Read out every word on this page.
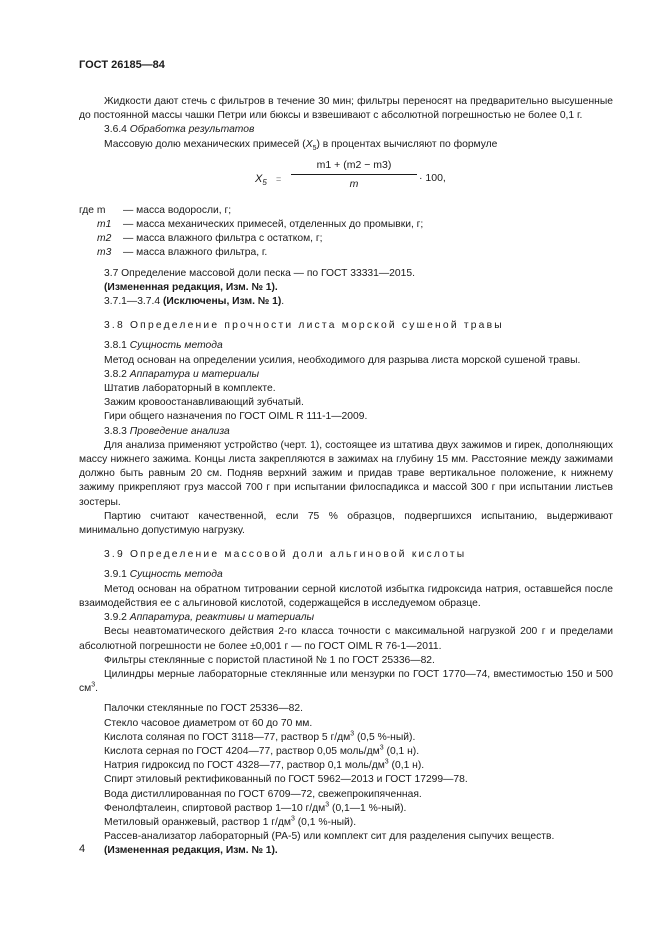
ГОСТ 26185—84

Жидкости дают стечь с фильтров в течение 30 мин; фильтры переносят на предварительно высушенные до постоянной массы чашки Петри или бюксы и взвешивают с абсолютной погрешностью не более 0,1 г.

3.6.4 Обработка результатов

Массовую долю механических примесей $(X_5)$ в процентах вычисляют по формуле

$X_5 = \frac{m1 + (m2 - m3)}{m} \cdot 100$,
где m	— масса водоросли, г;
m1	— масса механических примесей, отделенных до промывки, г;
m2	— масса влажного фильтра с остатком, г;
m3	— масса влажного фильтра, г.

3.7 Определение массовой доли песка — по ГОСТ 33331—2015.

(Измененная редакция, Изм. № 1).

3.7.1—3.7.4 (Исключены, Изм. № 1).

3.8 Определение прочности листа морской сушеной травы

3.8.1 Сущность метода

Метод основан на определении усилия, необходимого для разрыва листа морской сушеной травы.

3.8.2 Аппаратура и материалы

Штатив лабораторный в комплекте.

Зажим кровоостанавливающий зубчатый.

Гири общего назначения по ГОСТ OIML R 111-1—2009.

3.8.3 Проведение анализа

Для анализа применяют устройство (черт. 1), состоящее из штатива двух зажимов и гирек, дополняющих массу нижнего зажима. Концы листа закрепляются в зажимах на глубину 15 мм. Расстояние между зажимами должно быть равным 20 см. Подняв верхний зажим и придав траве вертикальное положение, к нижнему зажиму прикрепляют груз массой 700 г при испытании филоспадикса и массой 300 г при испытании листьев зостеры.

Партию считают качественной, если 75 % образцов, подвергшихся испытанию, выдерживают минимально допустимую нагрузку.

3.9 Определение массовой доли альгиновой кислоты

3.9.1 Сущность метода

Метод основан на обратном титровании серной кислотой избытка гидроксида натрия, оставшейся после взаимодействия ее с альгиновой кислотой, содержащейся в исследуемом образце.

3.9.2 Аппаратура, реактивы и материалы

Весы неавтоматического действия 2-го класса точности с максимальной нагрузкой 200 г и пределами абсолютной погрешности не более ±0,001 г — по ГОСТ OIML R 76-1—2011.

Фильтры стеклянные с пористой пластиной № 1 по ГОСТ 25336—82.

Цилиндры мерные лабораторные стеклянные или мензурки по ГОСТ 1770—74, вместимостью 150 и 500 $см^3$.

Палочки стеклянные по ГОСТ 25336—82.

Стекло часовое диаметром от 60 до 70 мм.

Кислота соляная по ГОСТ 3118—77, раствор 5 $г/дм^3$ (0,5 %-ный).

Кислота серная по ГОСТ 4204—77, раствор 0,05 моль/$дм^3$ (0,1 н).

Натрия гидроксид по ГОСТ 4328—77, раствор 0,1 моль/$дм^3$ (0,1 н).

Спирт этиловый ректификованный по ГОСТ 5962—2013 и ГОСТ 17299—78.

Вода дистиллированная по ГОСТ 6709—72, свежепрокипяченная.

Фенолфталеин, спиртовой раствор 1—10 $г/дм^3$ (0,1—1 %-ный).

Метиловый оранжевый, раствор 1 $г/дм^3$ (0,1 %-ный).

Рассев-анализатор лабораторный (РА-5) или комплект сит для разделения сыпучих веществ.

(Измененная редакция, Изм. № 1).

4
